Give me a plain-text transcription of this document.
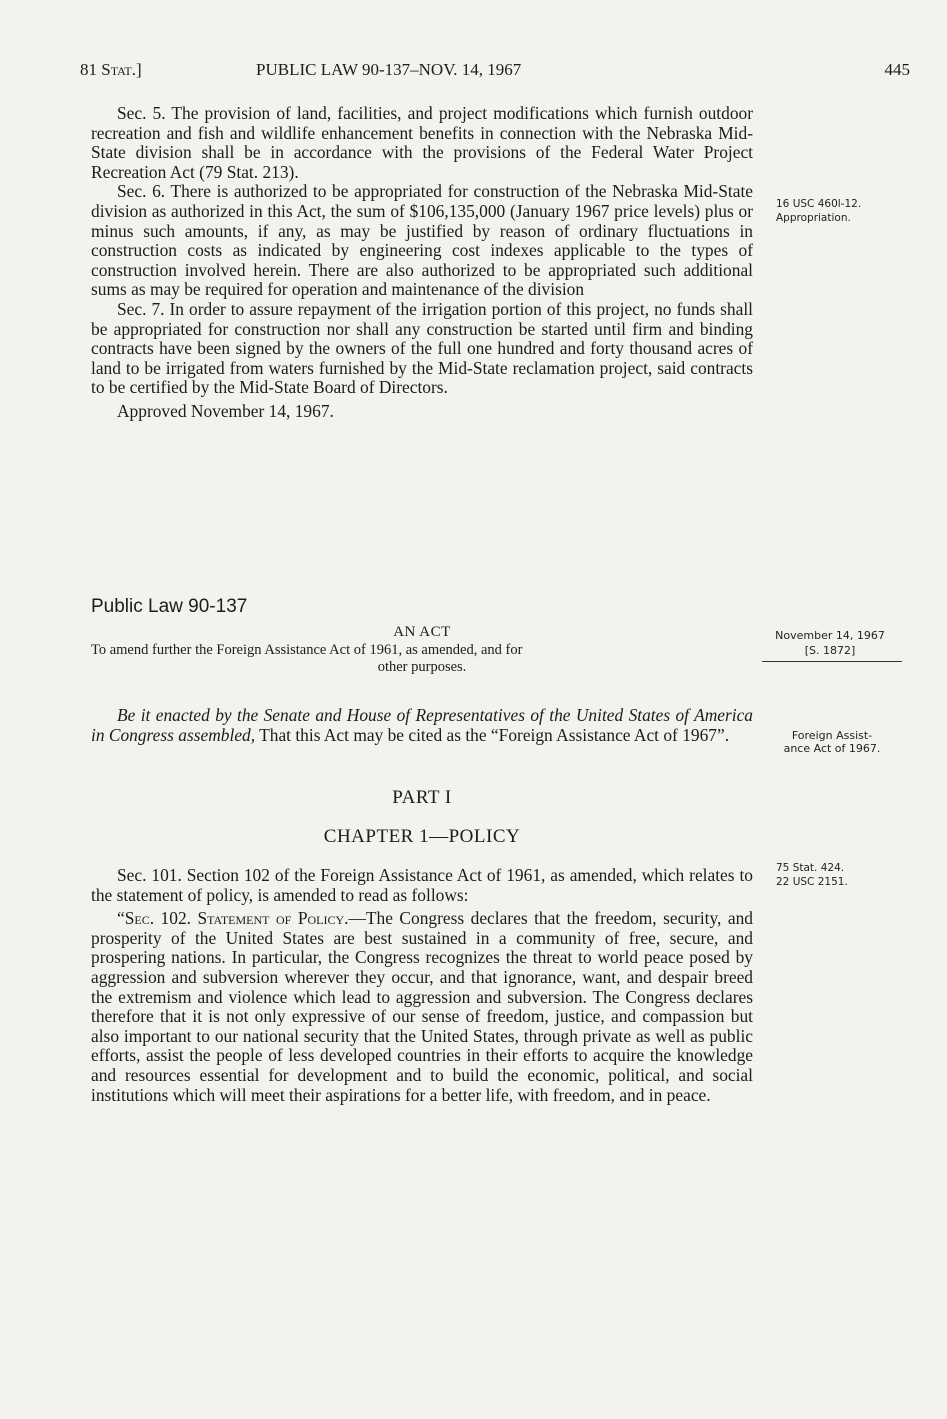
81 Stat.]	PUBLIC LAW 90-137–NOV. 14, 1967	445

Sec. 5. The provision of land, facilities, and project modifications which furnish outdoor recreation and fish and wildlife enhancement benefits in connection with the Nebraska Mid-State division shall be in accordance with the provisions of the Federal Water Project Recreation Act (79 Stat. 213).

Sec. 6. There is authorized to be appropriated for construction of the Nebraska Mid-State division as authorized in this Act, the sum of $106,135,000 (January 1967 price levels) plus or minus such amounts, if any, as may be justified by reason of ordinary fluctuations in construction costs as indicated by engineering cost indexes applicable to the types of construction involved herein. There are also authorized to be appropriated such additional sums as may be required for operation and maintenance of the division

Sec. 7. In order to assure repayment of the irrigation portion of this project, no funds shall be appropriated for construction nor shall any construction be started until firm and binding contracts have been signed by the owners of the full one hundred and forty thousand acres of land to be irrigated from waters furnished by the Mid-State reclamation project, said contracts to be certified by the Mid-State Board of Directors.

Approved November 14, 1967.

16 USC 460l-12.
Appropriation.
Public Law 90-137
AN ACT

To amend further the Foreign Assistance Act of 1961, as amended, and for

other purposes.

November 14, 1967
[S. 1872]

Be it enacted by the Senate and House of Representatives of the United States of America in Congress assembled, That this Act may be cited as the “Foreign Assistance Act of 1967”.	Foreign Assist-
ance Act of 1967.
PART I
CHAPTER 1—POLICY

Sec. 101. Section 102 of the Foreign Assistance Act of 1961, as amended, which relates to the statement of policy, is amended to read as follows:

“Sec. 102. Statement of Policy.—The Congress declares that the freedom, security, and prosperity of the United States are best sustained in a community of free, secure, and prospering nations. In particular, the Congress recognizes the threat to world peace posed by aggression and subversion wherever they occur, and that ignorance, want, and despair breed the extremism and violence which lead to aggression and subversion. The Congress declares therefore that it is not only expressive of our sense of freedom, justice, and compassion but also important to our national security that the United States, through private as well as public efforts, assist the people of less developed countries in their efforts to acquire the knowledge and resources essential for development and to build the economic, political, and social institutions which will meet their aspirations for a better life, with freedom, and in peace.

75 Stat. 424.
22 USC 2151.
